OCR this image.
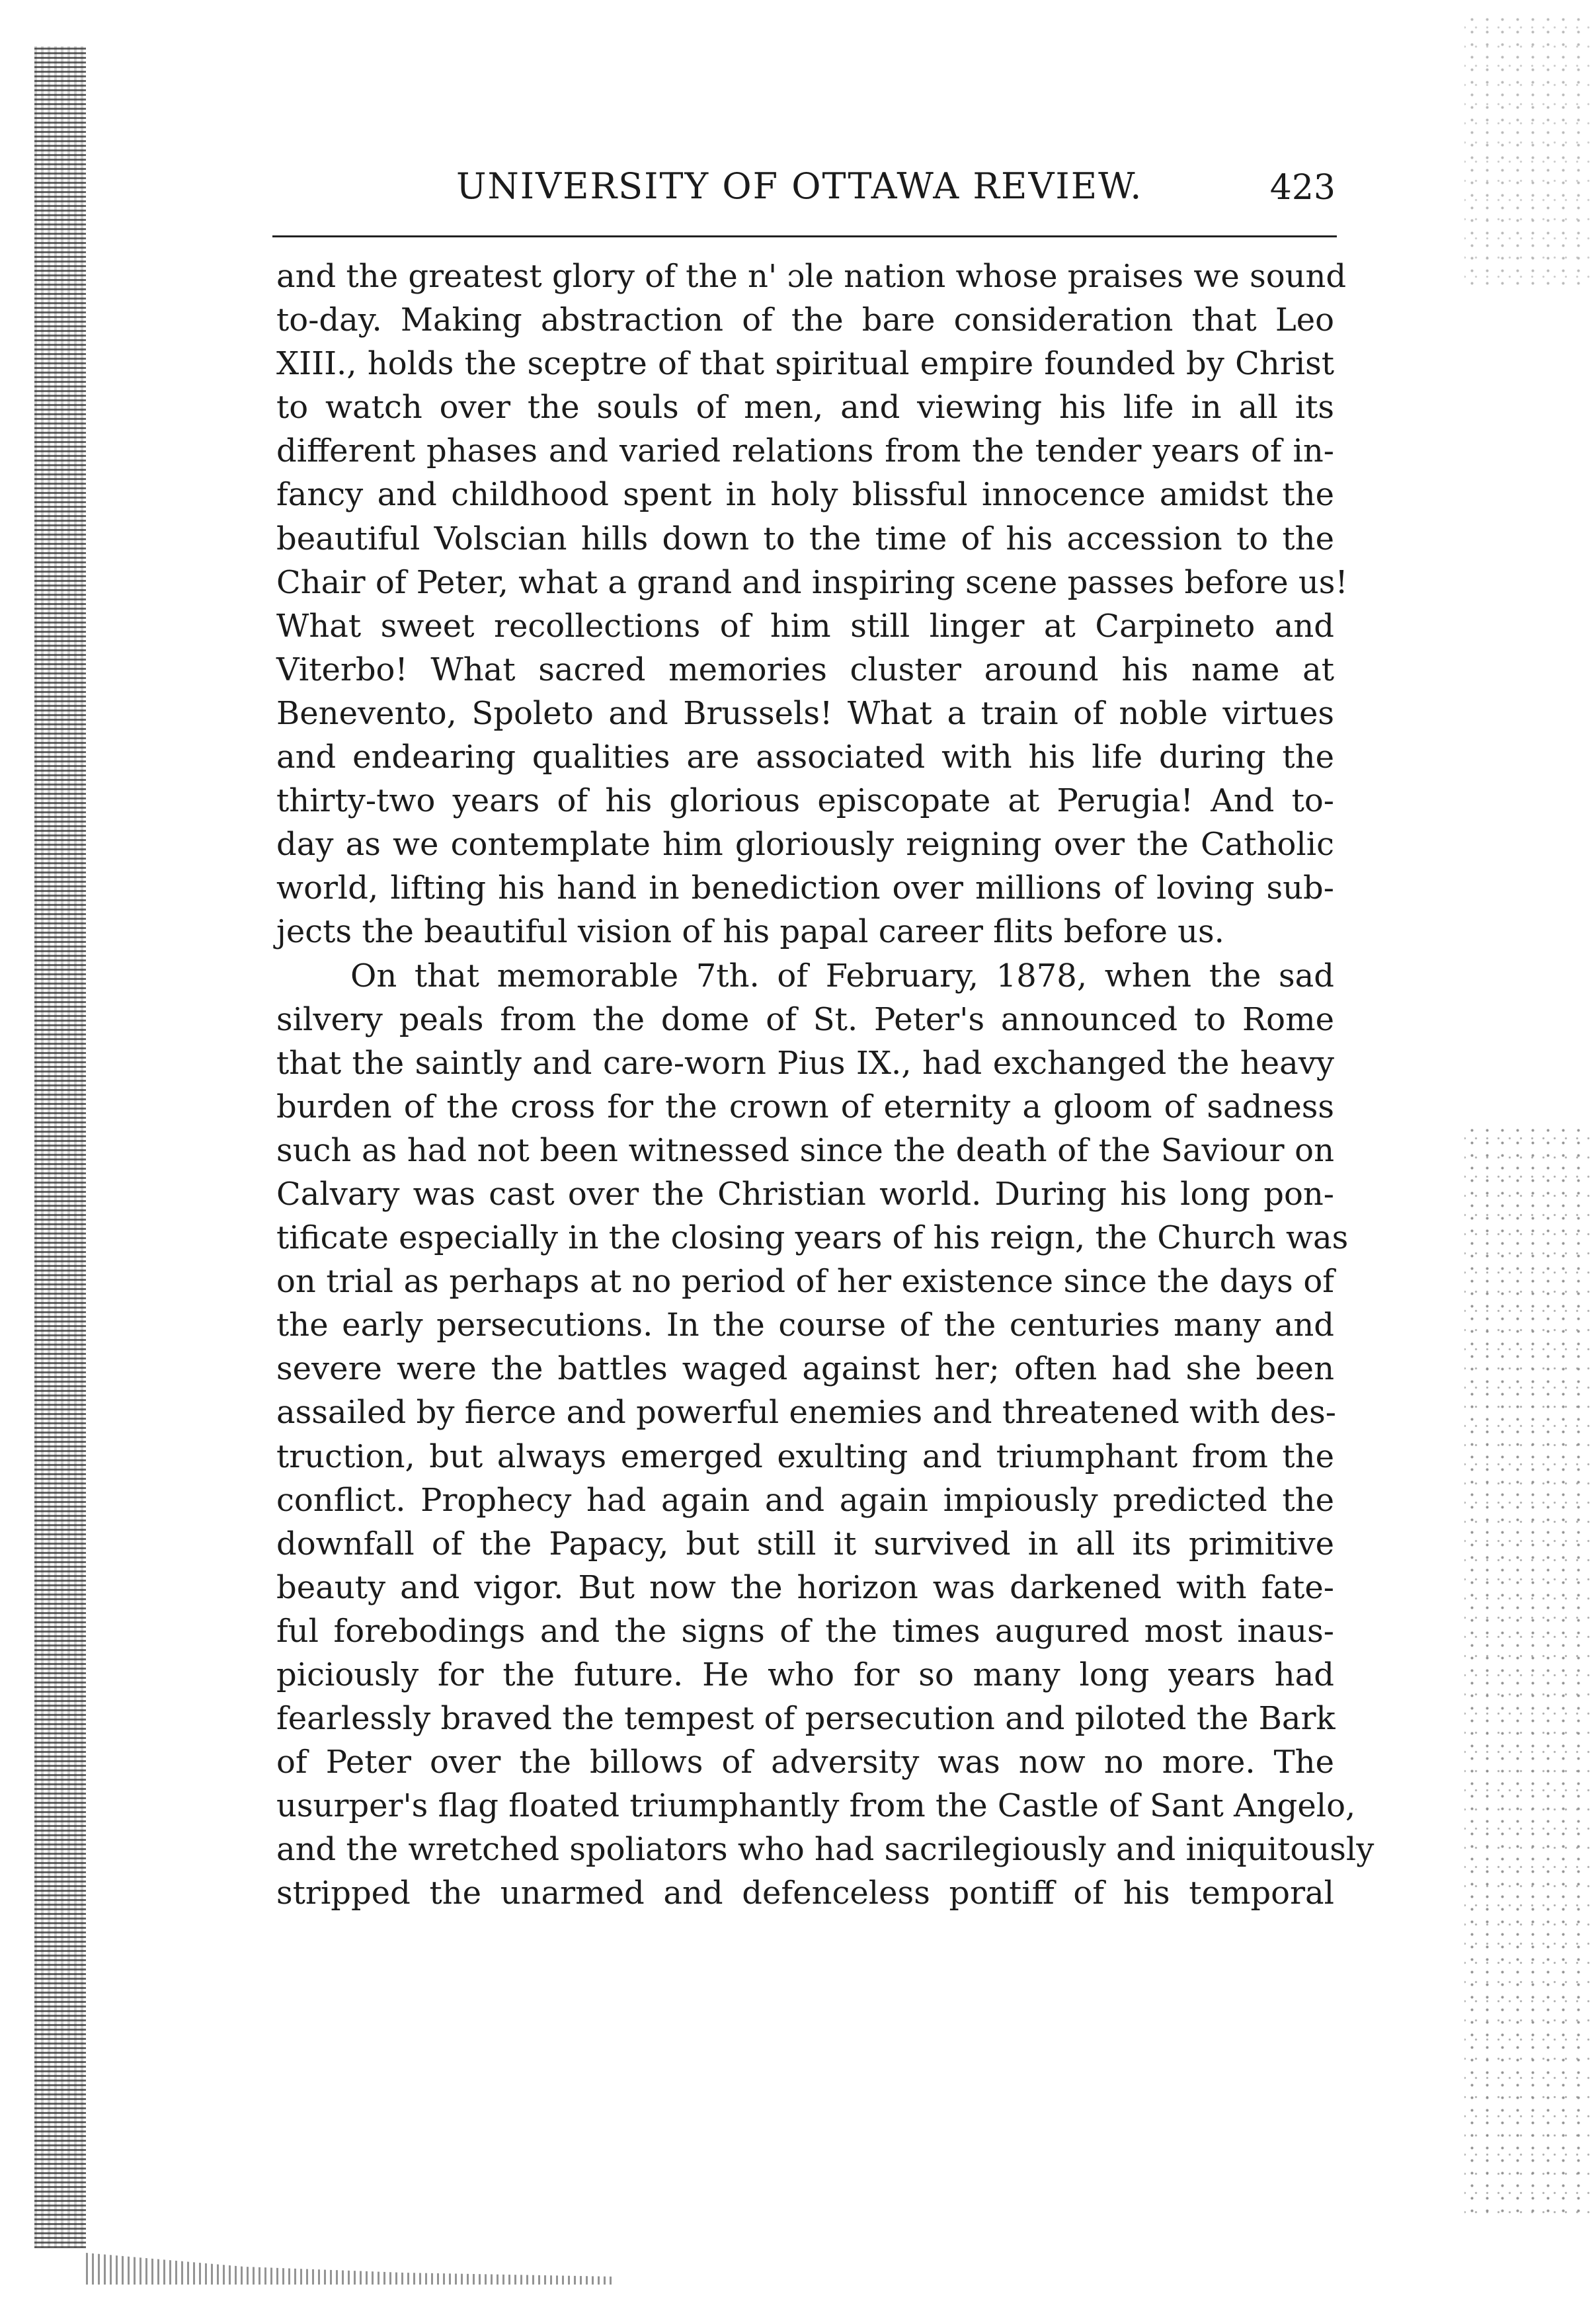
UNIVERSITY OF OTTAWA REVIEW.	423
and the greatest glory of the n' ɔle nation whose praises we sound
to-day. Making abstraction of the bare consideration that Leo
XIII., holds the sceptre of that spiritual empire founded by Christ
to watch over the souls of men, and viewing his life in all its
different phases and varied relations from the tender years of in-
fancy and childhood spent in holy blissful innocence amidst the
beautiful Volscian hills down to the time of his accession to the
Chair of Peter, what a grand and inspiring scene passes before us!
What sweet recollections of him still linger at Carpineto and
Viterbo! What sacred memories cluster around his name at
Benevento, Spoleto and Brussels! What a train of noble virtues
and endearing qualities are associated with his life during the
thirty-two years of his glorious episcopate at Perugia! And to-
day as we contemplate him gloriously reigning over the Catholic
world, lifting his hand in benediction over millions of loving sub-
jects the beautiful vision of his papal career flits before us.
On that memorable 7th. of February, 1878, when the sad
silvery peals from the dome of St. Peter's announced to Rome
that the saintly and care-worn Pius IX., had exchanged the heavy
burden of the cross for the crown of eternity a gloom of sadness
such as had not been witnessed since the death of the Saviour on
Calvary was cast over the Christian world. During his long pon-
tificate especially in the closing years of his reign, the Church was
on trial as perhaps at no period of her existence since the days of
the early persecutions. In the course of the centuries many and
severe were the battles waged against her; often had she been
assailed by fierce and powerful enemies and threatened with des-
truction, but always emerged exulting and triumphant from the
conflict. Prophecy had again and again impiously predicted the
downfall of the Papacy, but still it survived in all its primitive
beauty and vigor. But now the horizon was darkened with fate-
ful forebodings and the signs of the times augured most inaus-
piciously for the future. He who for so many long years had
fearlessly braved the tempest of persecution and piloted the Bark
of Peter over the billows of adversity was now no more. The
usurper's flag floated triumphantly from the Castle of Sant Angelo,
and the wretched spoliators who had sacrilegiously and iniquitously
stripped the unarmed and defenceless pontiff of his temporal
